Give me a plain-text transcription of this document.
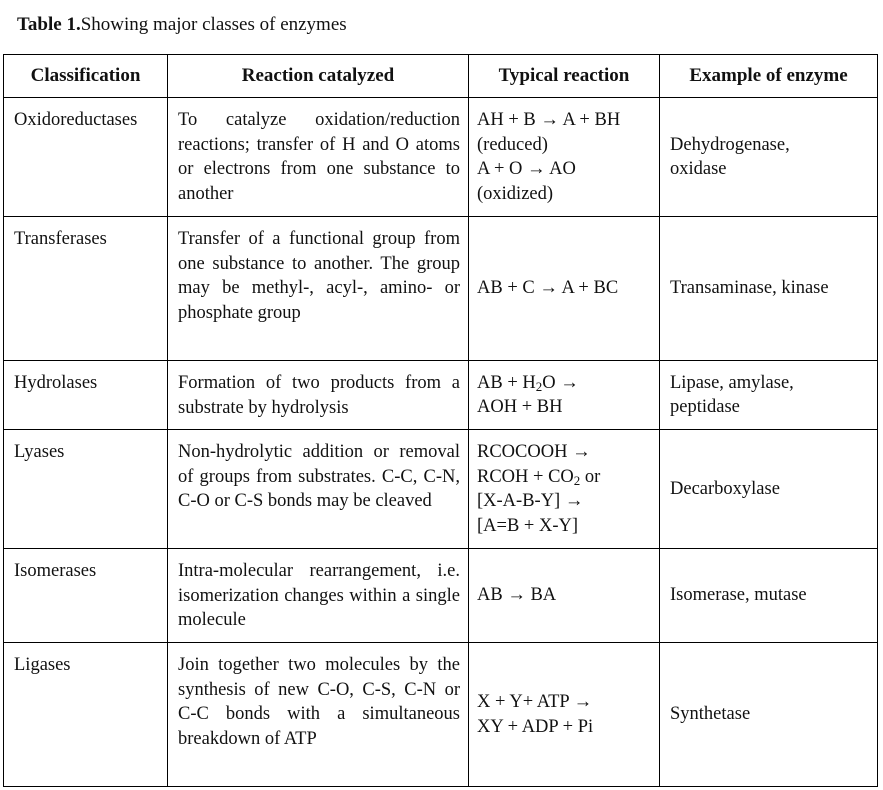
Table 1.Showing major classes of enzymes
Classification	Reaction catalyzed	Typical reaction	Example of enzyme
Oxidoreductases	To catalyze oxidation/reduction reactions; transfer of H and O atoms or electrons from one substance to another	AH + B → A + BH
(reduced)
A + O → AO
(oxidized)	Dehydrogenase,
oxidase

Transferases	Transfer of a functional group from one substance to another. The group may be methyl-, acyl-, amino- or phosphate group	AB + C → A + BC	Transaminase, kinase

Hydrolases	Formation of two products from a substrate by hydrolysis	AB + $H_2O$ →
AOH + BH	Lipase, amylase,
peptidase

Lyases	Non-hydrolytic addition or removal of groups from substrates. C-C, C-N, C-O or C-S bonds may be cleaved	RCOCOOH →
RCOH + $CO_2$ or
[X-A-B-Y] →
[A=B + X-Y]	Decarboxylase

Isomerases	Intra-molecular rearrangement, i.e. isomerization changes within a single molecule	AB → BA	Isomerase, mutase

Ligases	Join together two molecules by the synthesis of new C-O, C-S, C-N or C-C bonds with a simultaneous breakdown of ATP	X + Y+ ATP →
XY + ADP + Pi	Synthetase
